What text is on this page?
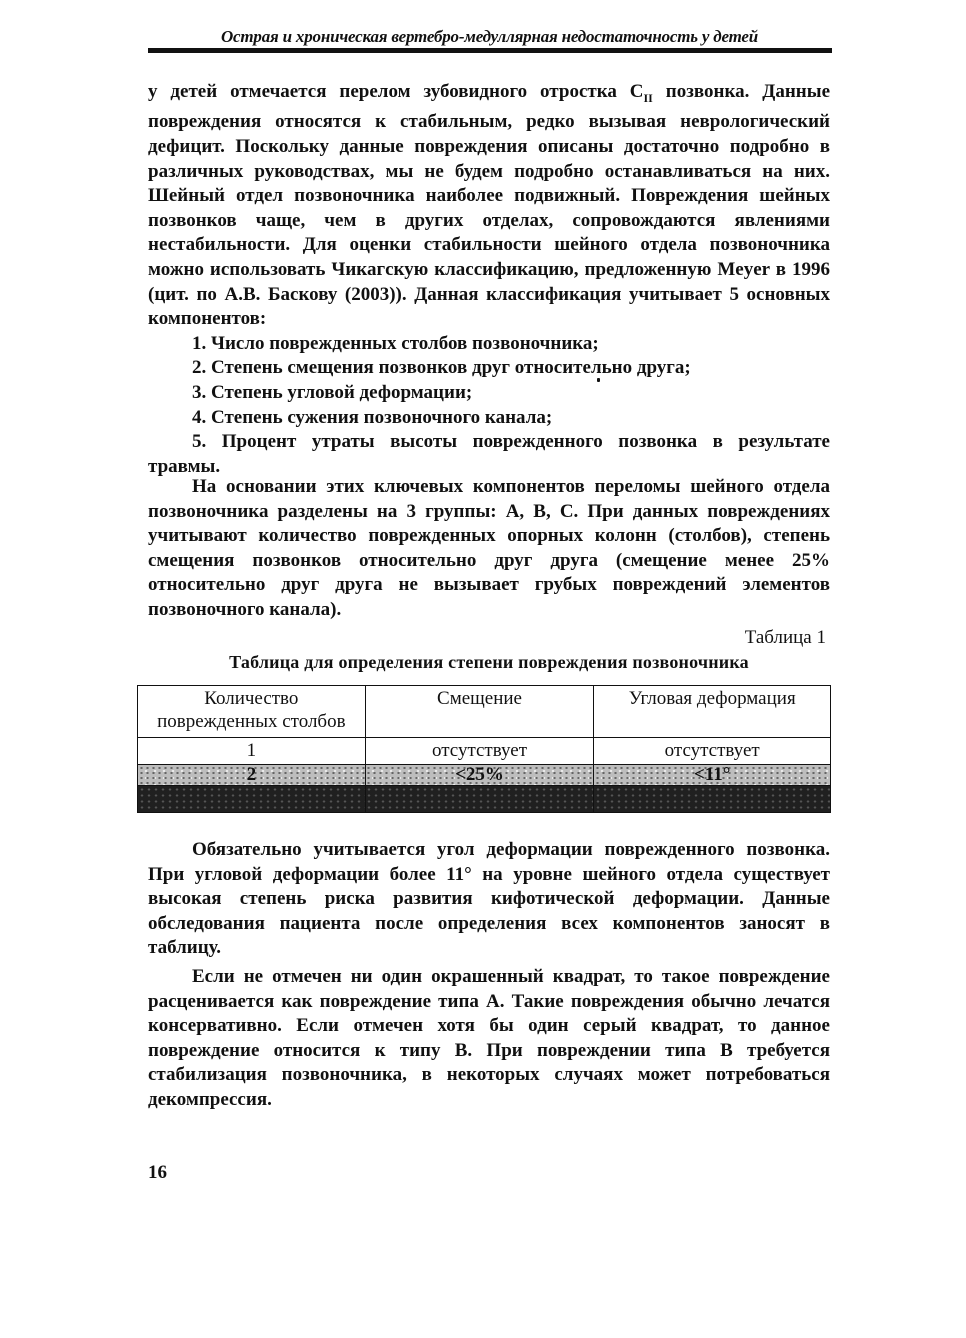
Острая и хроническая вертебро-медуллярная недостаточность у детей

у детей отмечается перелом зубовидного отростка $С_{II}$ позвонка. Данные повреждения относятся к стабильным, редко вызывая неврологический дефицит. Поскольку данные повреждения описаны достаточно подробно в различных руководствах, мы не будем подробно останавливаться на них. Шейный отдел позвоночника наиболее подвижный. Повреждения шейных позвонков чаще, чем в других отделах, сопровождаются явлениями нестабильности. Для оценки стабильности шейного отдела позвоночника можно использовать Чикагскую классификацию, предложенную Meyer в 1996 (цит. по А.В. Баскову (2003)). Данная классификация учитывает 5 основных компонентов:

1. Число поврежденных столбов позвоночника;

2. Степень смещения позвонков друг относительно друга;

3. Степень угловой деформации;

4. Степень сужения позвоночного канала;

5. Процент утраты высоты поврежденного позвонка в результате травмы.

На основании этих ключевых компонентов переломы шейного отдела позвоночника разделены на 3 группы: А, В, С. При данных повреждениях учитывают количество поврежденных опорных колонн (столбов), степень смещения позвонков относительно друг друга (смещение менее 25% относительно друг друга не вызывает грубых повреждений элементов позвоночного канала).

Таблица 1
Таблица для определения степени повреждения позвоночника
Количество поврежденных столбов	Смещение	Угловая деформация
1	отсутствует	отсутствует
2	<25%	<11°

Обязательно учитывается угол деформации поврежденного позвонка. При угловой деформации более 11° на уровне шейного отдела существует высокая степень риска развития кифотической деформации. Данные обследования пациента после определения всех компонентов заносят в таблицу.

Если не отмечен ни один окрашенный квадрат, то такое повреждение расценивается как повреждение типа А. Такие повреждения обычно лечатся консервативно. Если отмечен хотя бы один серый квадрат, то данное повреждение относится к типу В. При повреждении типа В требуется стабилизация позвоночника, в некоторых случаях может потребоваться декомпрессия.

16
